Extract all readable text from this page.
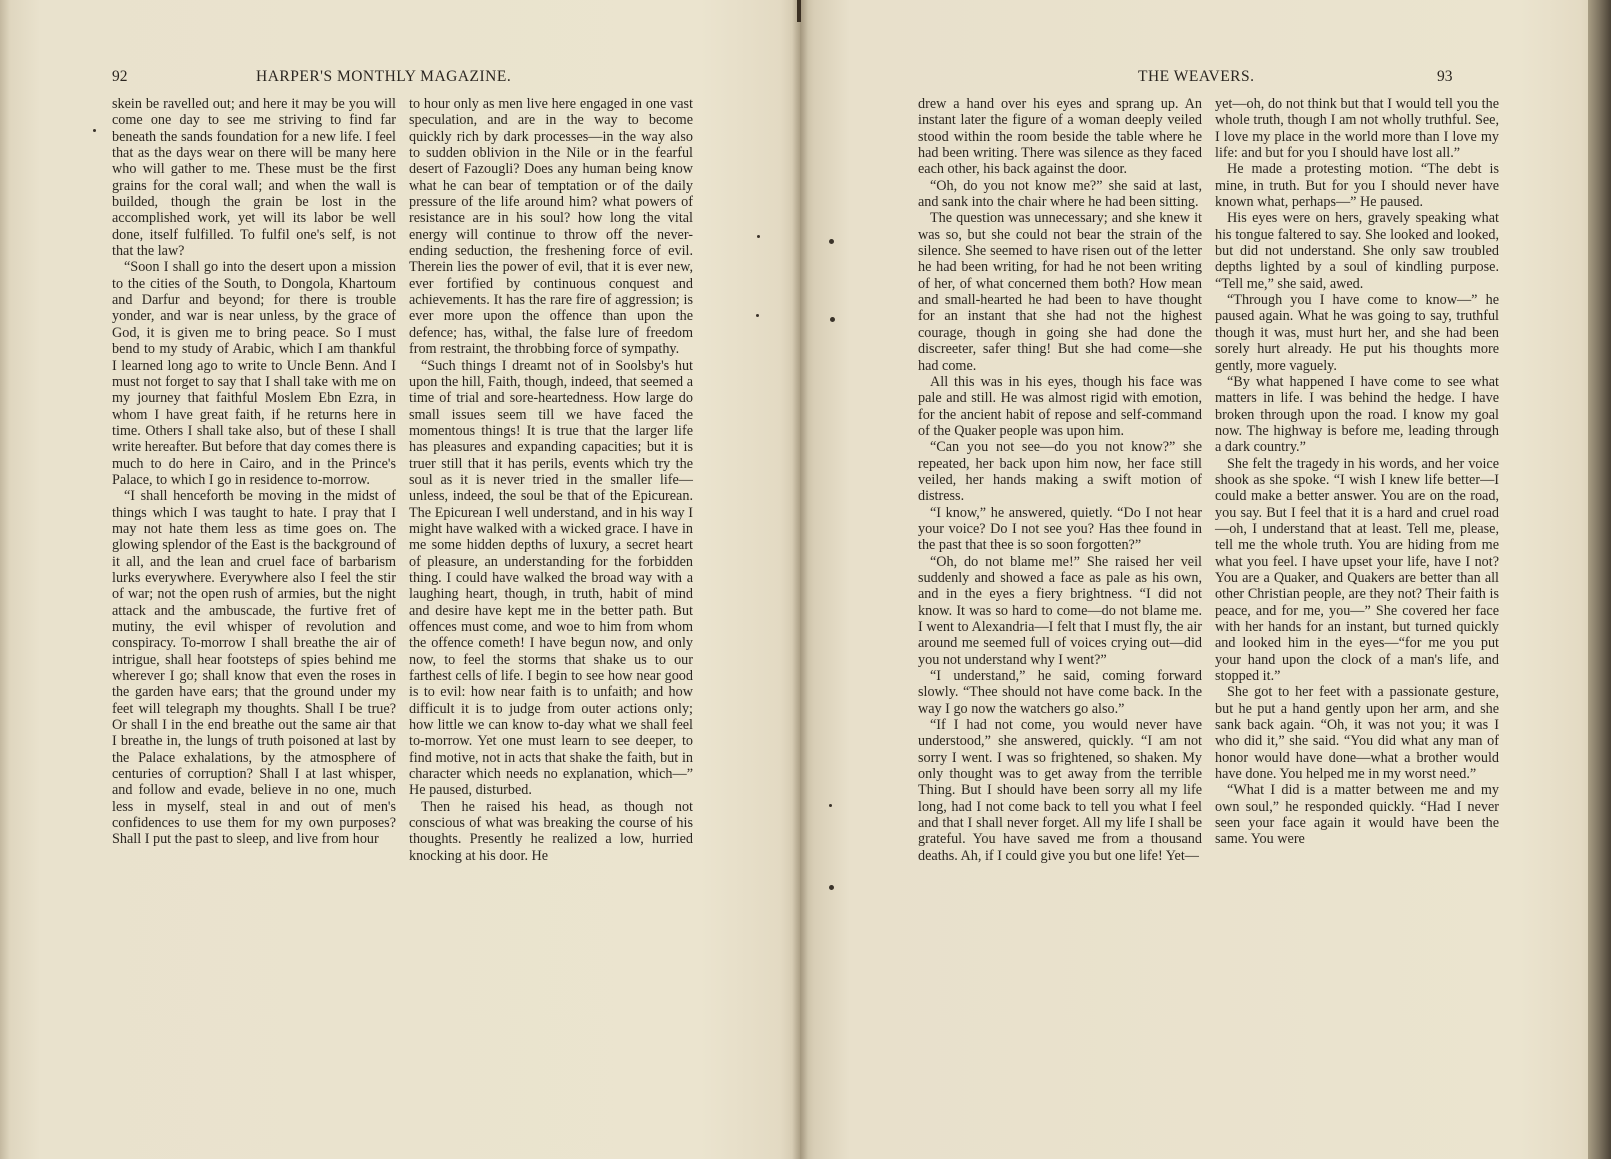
92	HARPER'S MONTHLY MAGAZINE.

skein be ravelled out; and here it may be you will come one day to see me striving to find far beneath the sands foundation for a new life. I feel that as the days wear on there will be many here who will gather to me. These must be the first grains for the coral wall; and when the wall is builded, though the grain be lost in the accomplished work, yet will its labor be well done, itself fulfilled. To fulfil one's self, is not that the law?

“Soon I shall go into the desert upon a mission to the cities of the South, to Dongola, Khartoum and Darfur and beyond; for there is trouble yonder, and war is near unless, by the grace of God, it is given me to bring peace. So I must bend to my study of Arabic, which I am thankful I learned long ago to write to Uncle Benn. And I must not forget to say that I shall take with me on my journey that faithful Moslem Ebn Ezra, in whom I have great faith, if he returns here in time. Others I shall take also, but of these I shall write hereafter. But before that day comes there is much to do here in Cairo, and in the Prince's Palace, to which I go in residence to-morrow.

“I shall henceforth be moving in the midst of things which I was taught to hate. I pray that I may not hate them less as time goes on. The glowing splendor of the East is the background of it all, and the lean and cruel face of barbarism lurks everywhere. Everywhere also I feel the stir of war; not the open rush of armies, but the night attack and the ambuscade, the furtive fret of mutiny, the evil whisper of revolution and conspiracy. To-morrow I shall breathe the air of intrigue, shall hear footsteps of spies behind me wherever I go; shall know that even the roses in the garden have ears; that the ground under my feet will telegraph my thoughts. Shall I be true? Or shall I in the end breathe out the same air that I breathe in, the lungs of truth poisoned at last by the Palace exhalations, by the atmosphere of centuries of corruption? Shall I at last whisper, and follow and evade, believe in no one, much less in myself, steal in and out of men's confidences to use them for my own purposes? Shall I put the past to sleep, and live from hour

to hour only as men live here engaged in one vast speculation, and are in the way to become quickly rich by dark processes—in the way also to sudden oblivion in the Nile or in the fearful desert of Fazougli? Does any human being know what he can bear of temptation or of the daily pressure of the life around him? what powers of resistance are in his soul? how long the vital energy will continue to throw off the never-ending seduction, the freshening force of evil. Therein lies the power of evil, that it is ever new, ever fortified by continuous conquest and achievements. It has the rare fire of aggression; is ever more upon the offence than upon the defence; has, withal, the false lure of freedom from restraint, the throbbing force of sympathy.

“Such things I dreamt not of in Soolsby's hut upon the hill, Faith, though, indeed, that seemed a time of trial and sore-heartedness. How large do small issues seem till we have faced the momentous things! It is true that the larger life has pleasures and expanding capacities; but it is truer still that it has perils, events which try the soul as it is never tried in the smaller life—unless, indeed, the soul be that of the Epicurean. The Epicurean I well understand, and in his way I might have walked with a wicked grace. I have in me some hidden depths of luxury, a secret heart of pleasure, an understanding for the forbidden thing. I could have walked the broad way with a laughing heart, though, in truth, habit of mind and desire have kept me in the better path. But offences must come, and woe to him from whom the offence cometh! I have begun now, and only now, to feel the storms that shake us to our farthest cells of life. I begin to see how near good is to evil: how near faith is to unfaith; and how difficult it is to judge from outer actions only; how little we can know to-day what we shall feel to-morrow. Yet one must learn to see deeper, to find motive, not in acts that shake the faith, but in character which needs no explanation, which—” He paused, disturbed.

Then he raised his head, as though not conscious of what was breaking the course of his thoughts. Presently he realized a low, hurried knocking at his door. He

THE WEAVERS.	93

drew a hand over his eyes and sprang up. An instant later the figure of a woman deeply veiled stood within the room beside the table where he had been writing. There was silence as they faced each other, his back against the door.

“Oh, do you not know me?” she said at last, and sank into the chair where he had been sitting.

The question was unnecessary; and she knew it was so, but she could not bear the strain of the silence. She seemed to have risen out of the letter he had been writing, for had he not been writing of her, of what concerned them both? How mean and small-hearted he had been to have thought for an instant that she had not the highest courage, though in going she had done the discreeter, safer thing! But she had come—she had come.

All this was in his eyes, though his face was pale and still. He was almost rigid with emotion, for the ancient habit of repose and self-command of the Quaker people was upon him.

“Can you not see—do you not know?” she repeated, her back upon him now, her face still veiled, her hands making a swift motion of distress.

“I know,” he answered, quietly. “Do I not hear your voice? Do I not see you? Has thee found in the past that thee is so soon forgotten?”

“Oh, do not blame me!” She raised her veil suddenly and showed a face as pale as his own, and in the eyes a fiery brightness. “I did not know. It was so hard to come—do not blame me. I went to Alexandria—I felt that I must fly, the air around me seemed full of voices crying out—did you not understand why I went?”

“I understand,” he said, coming forward slowly. “Thee should not have come back. In the way I go now the watchers go also.”

“If I had not come, you would never have understood,” she answered, quickly. “I am not sorry I went. I was so frightened, so shaken. My only thought was to get away from the terrible Thing. But I should have been sorry all my life long, had I not come back to tell you what I feel and that I shall never forget. All my life I shall be grateful. You have saved me from a thousand deaths. Ah, if I could give you but one life! Yet—

yet—oh, do not think but that I would tell you the whole truth, though I am not wholly truthful. See, I love my place in the world more than I love my life: and but for you I should have lost all.”

He made a protesting motion. “The debt is mine, in truth. But for you I should never have known what, perhaps—” He paused.

His eyes were on hers, gravely speaking what his tongue faltered to say. She looked and looked, but did not understand. She only saw troubled depths lighted by a soul of kindling purpose. “Tell me,” she said, awed.

“Through you I have come to know—” he paused again. What he was going to say, truthful though it was, must hurt her, and she had been sorely hurt already. He put his thoughts more gently, more vaguely.

“By what happened I have come to see what matters in life. I was behind the hedge. I have broken through upon the road. I know my goal now. The highway is before me, leading through a dark country.”

She felt the tragedy in his words, and her voice shook as she spoke. “I wish I knew life better—I could make a better answer. You are on the road, you say. But I feel that it is a hard and cruel road—oh, I understand that at least. Tell me, please, tell me the whole truth. You are hiding from me what you feel. I have upset your life, have I not? You are a Quaker, and Quakers are better than all other Christian people, are they not? Their faith is peace, and for me, you—” She covered her face with her hands for an instant, but turned quickly and looked him in the eyes—“for me you put your hand upon the clock of a man's life, and stopped it.”

She got to her feet with a passionate gesture, but he put a hand gently upon her arm, and she sank back again. “Oh, it was not you; it was I who did it,” she said. “You did what any man of honor would have done—what a brother would have done. You helped me in my worst need.”

“What I did is a matter between me and my own soul,” he responded quickly. “Had I never seen your face again it would have been the same. You were
